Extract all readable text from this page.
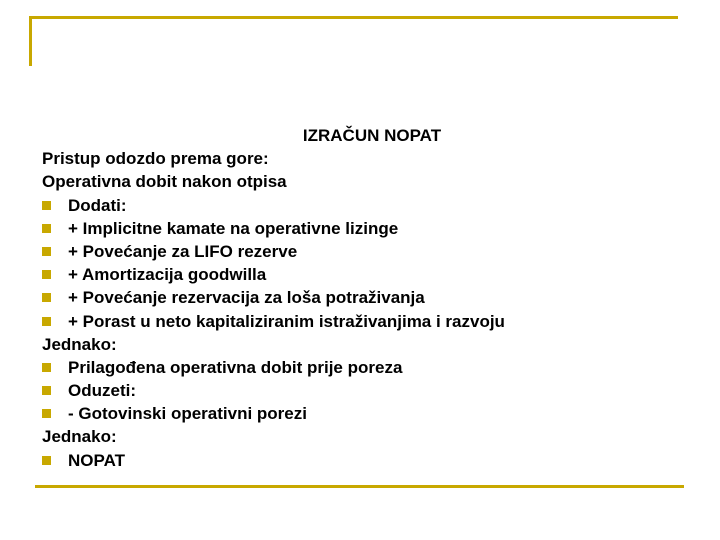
IZRAČUN NOPAT
Pristup odozdo prema gore:
Operativna dobit nakon otpisa
Dodati:
+ Implicitne kamate na operativne lizinge
+ Povećanje za LIFO rezerve
+ Amortizacija goodwilla
+ Povećanje rezervacija za loša potraživanja
+ Porast u neto kapitaliziranim istraživanjima i razvoju
Jednako:
Prilagođena operativna dobit prije poreza
Oduzeti:
- Gotovinski operativni porezi
Jednako:
NOPAT
